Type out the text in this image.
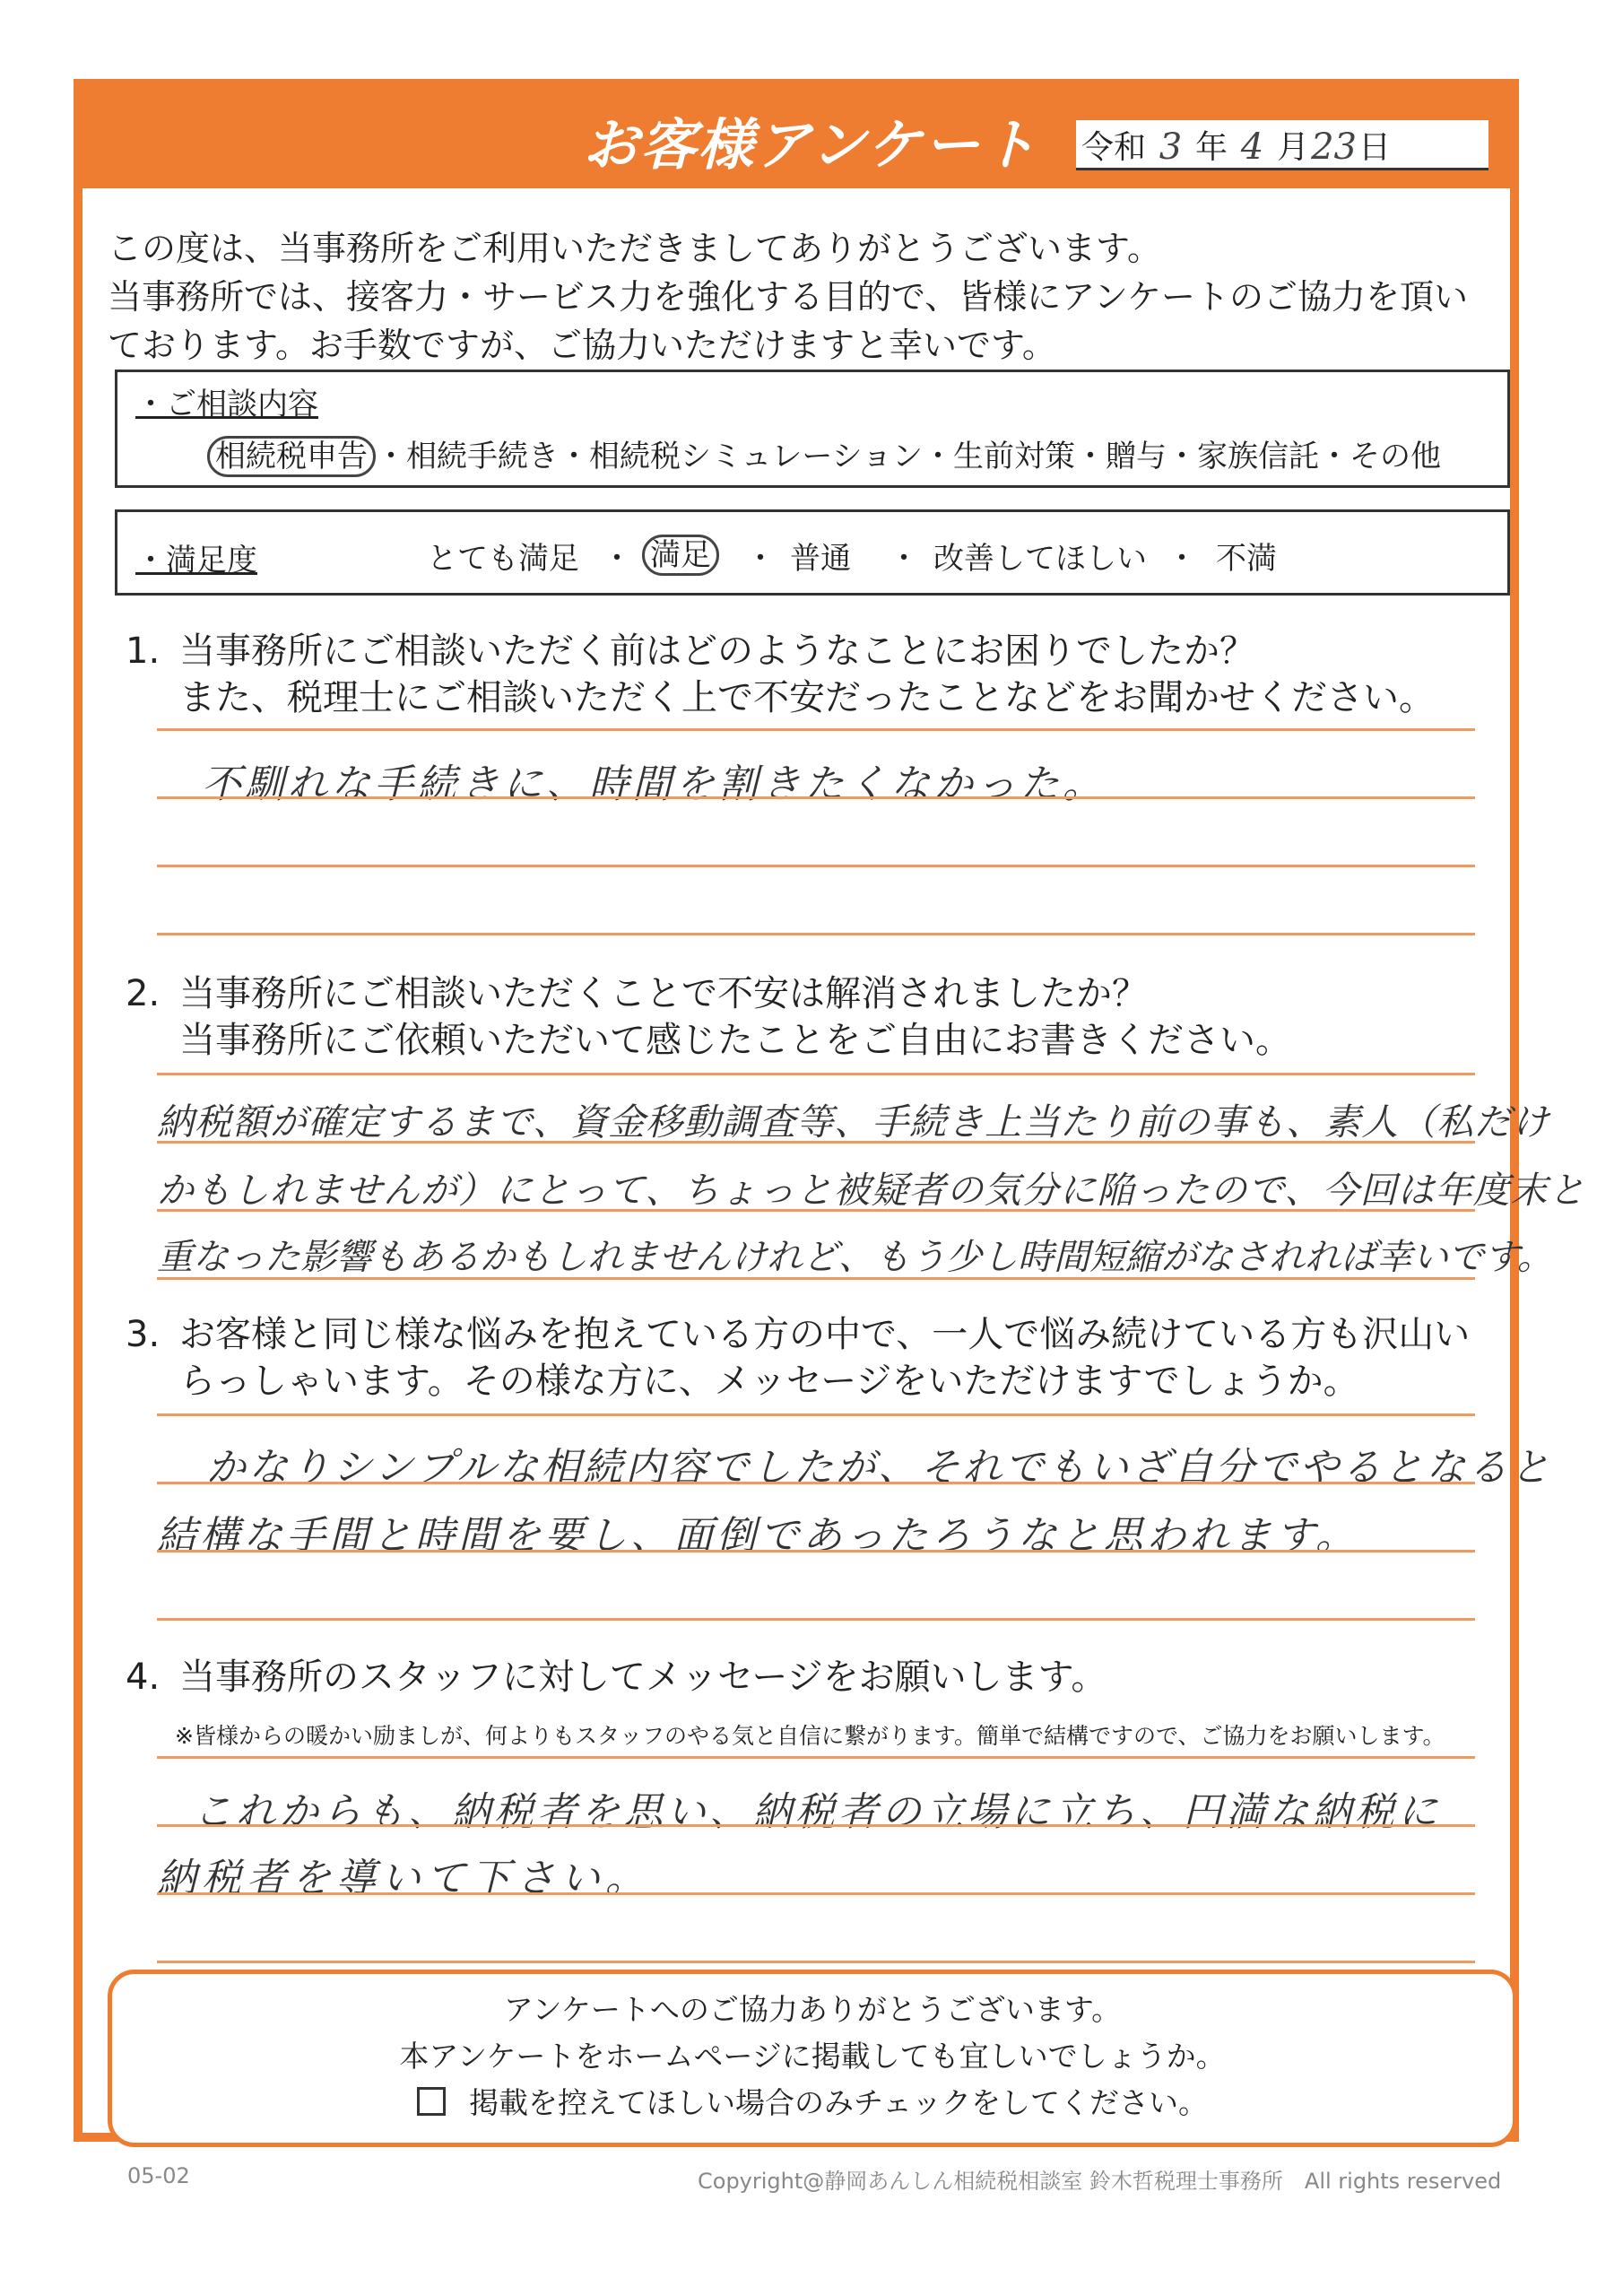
お客様アンケート 令和 3 年 4 月 23 日
この度は、当事務所をご利用いただきましてありがとうございます。
当事務所では、接客力・サービス力を強化する目的で、皆様にアンケートのご協力を頂い
ております。お手数ですが、ご協力いただけますと幸いです。
・ご相談内容
相続税申告 ・相続手続き・相続税シミュレーション・生前対策・贈与・家族信託・その他
・満足度	とても満足 ・ 満足 ・ 普通 ・ 改善してほしい ・ 不満
1. 当事務所にご相談いただく前はどのようなことにお困りでしたか？
また、税理士にご相談いただく上で不安だったことなどをお聞かせください。
不馴れな手続きに、時間を割きたくなかった。
2. 当事務所にご相談いただくことで不安は解消されましたか？
当事務所にご依頼いただいて感じたことをご自由にお書きください。
納税額が確定するまで、資金移動調査等、手続き上当たり前の事も、素人（私だけ
かもしれませんが）にとって、ちょっと被疑者の気分に陥ったので、今回は年度末と
重なった影響もあるかもしれませんけれど、もう少し時間短縮がなされれば幸いです。
3. お客様と同じ様な悩みを抱えている方の中で、一人で悩み続けている方も沢山い
らっしゃいます。その様な方に、メッセージをいただけますでしょうか。
かなりシンプルな相続内容でしたが、それでもいざ自分でやるとなると
結構な手間と時間を要し、面倒であったろうなと思われます。
4. 当事務所のスタッフに対してメッセージをお願いします。
※皆様からの暖かい励ましが、何よりもスタッフのやる気と自信に繋がります。簡単で結構ですので、ご協力をお願いします。
これからも、納税者を思い、納税者の立場に立ち、円満な納税に
納税者を導いて下さい。
アンケートへのご協力ありがとうございます。
本アンケートをホームページに掲載しても宜しいでしょうか。
掲載を控えてほしい場合のみチェックをしてください。
05-02	Copyright@静岡あんしん相続税相談室 鈴木哲税理士事務所　All rights reserved
